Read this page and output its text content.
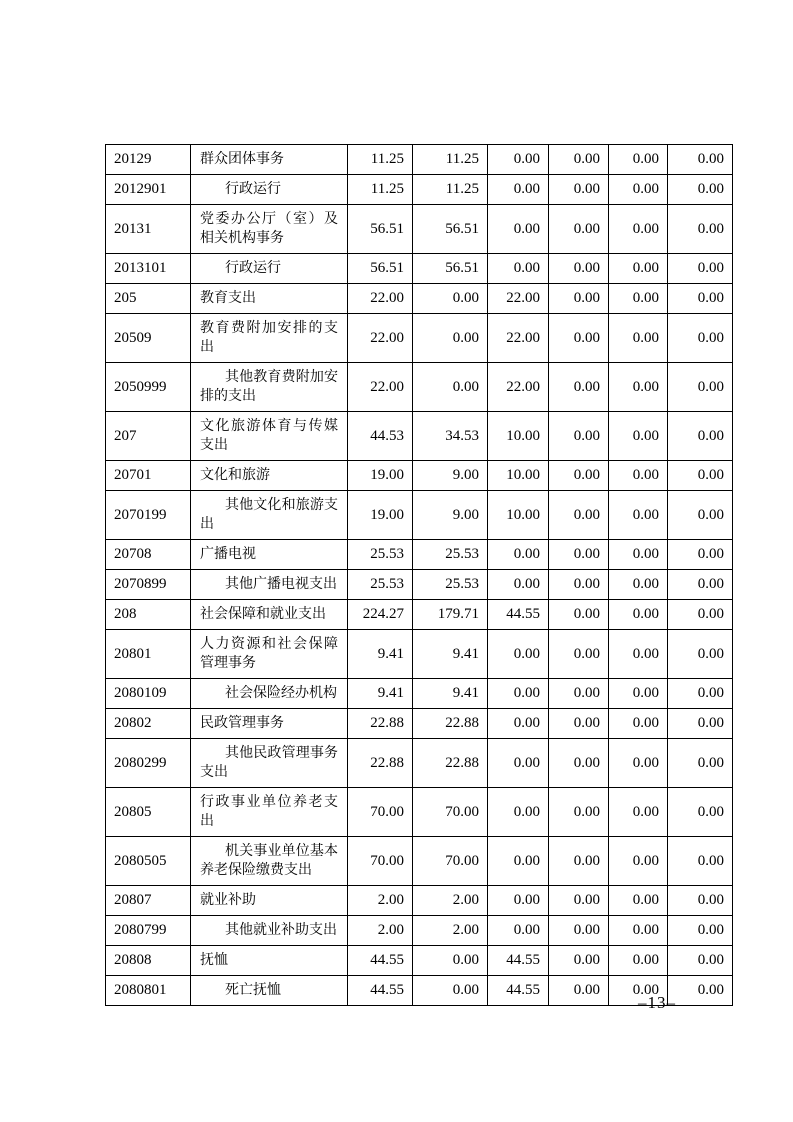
20129	群众团体事务	11.25	11.25	0.00	0.00	0.00	0.00
2012901	行政运行	11.25	11.25	0.00	0.00	0.00	0.00
20131	党委办公厅（室）及相关机构事务	56.51	56.51	0.00	0.00	0.00	0.00
2013101	行政运行	56.51	56.51	0.00	0.00	0.00	0.00
205	教育支出	22.00	0.00	22.00	0.00	0.00	0.00
20509	教育费附加安排的支出	22.00	0.00	22.00	0.00	0.00	0.00
2050999	其他教育费附加安排的支出	22.00	0.00	22.00	0.00	0.00	0.00
207	文化旅游体育与传媒支出	44.53	34.53	10.00	0.00	0.00	0.00
20701	文化和旅游	19.00	9.00	10.00	0.00	0.00	0.00
2070199	其他文化和旅游支出	19.00	9.00	10.00	0.00	0.00	0.00
20708	广播电视	25.53	25.53	0.00	0.00	0.00	0.00
2070899	其他广播电视支出	25.53	25.53	0.00	0.00	0.00	0.00
208	社会保障和就业支出	224.27	179.71	44.55	0.00	0.00	0.00
20801	人力资源和社会保障管理事务	9.41	9.41	0.00	0.00	0.00	0.00
2080109	社会保险经办机构	9.41	9.41	0.00	0.00	0.00	0.00
20802	民政管理事务	22.88	22.88	0.00	0.00	0.00	0.00
2080299	其他民政管理事务支出	22.88	22.88	0.00	0.00	0.00	0.00
20805	行政事业单位养老支出	70.00	70.00	0.00	0.00	0.00	0.00
2080505	机关事业单位基本养老保险缴费支出	70.00	70.00	0.00	0.00	0.00	0.00
20807	就业补助	2.00	2.00	0.00	0.00	0.00	0.00
2080799	其他就业补助支出	2.00	2.00	0.00	0.00	0.00	0.00
20808	抚恤	44.55	0.00	44.55	0.00	0.00	0.00
2080801	死亡抚恤	44.55	0.00	44.55	0.00	0.00	0.00
–13–
